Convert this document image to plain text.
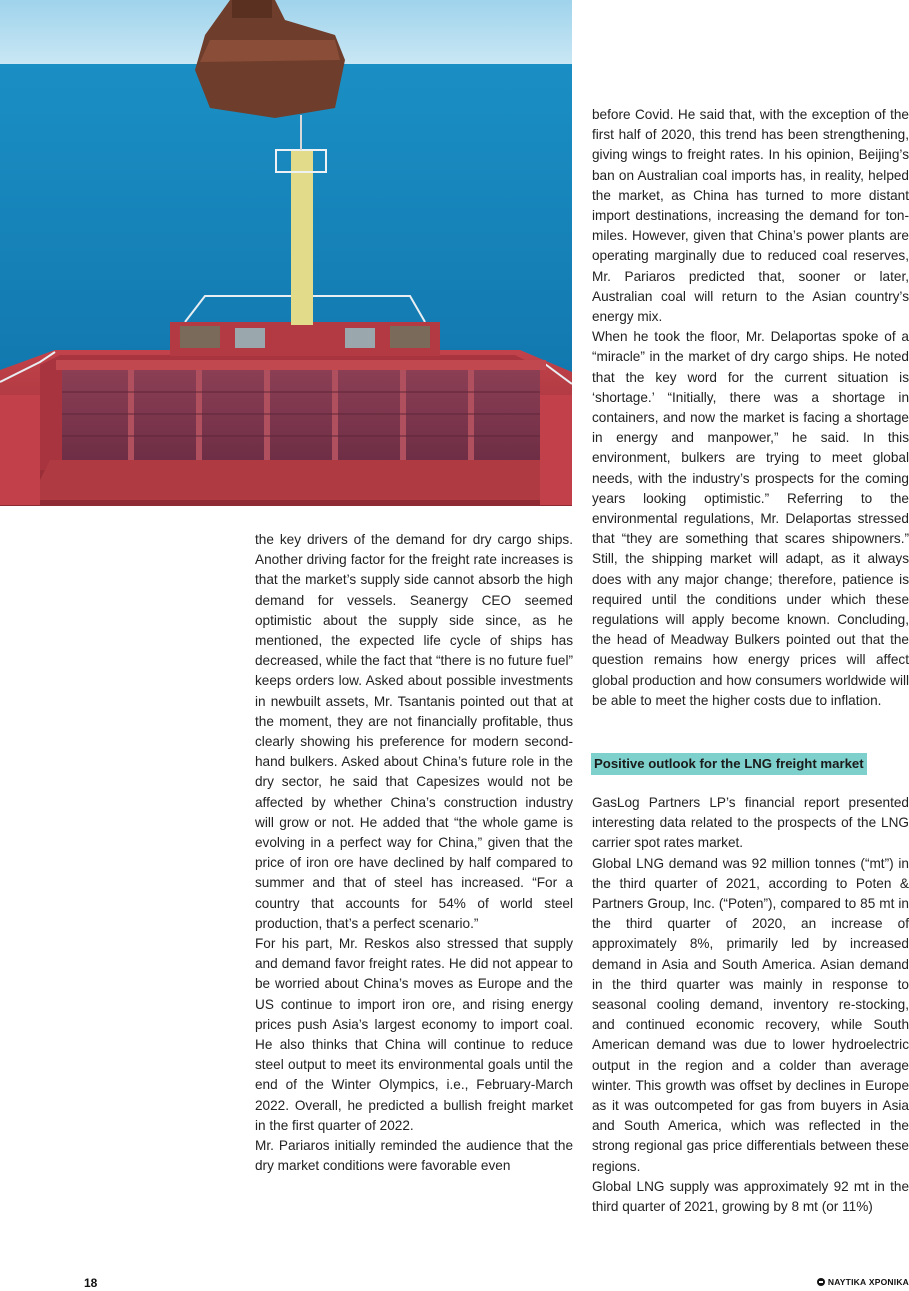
the key drivers of the demand for dry cargo ships. Another driving factor for the freight rate increases is that the market’s supply side cannot absorb the high demand for vessels. Seanergy CEO seemed optimistic about the supply side since, as he mentioned, the expected life cycle of ships has decreased, while the fact that “there is no future fuel” keeps orders low. Asked about possible investments in newbuilt assets, Mr. Tsantanis pointed out that at the moment, they are not financially profitable, thus clearly showing his preference for modern second-hand bulkers. Asked about China’s future role in the dry sector, he said that Capesizes would not be affected by whether China’s construction industry will grow or not. He added that “the whole game is evolving in a perfect way for China,” given that the price of iron ore have declined by half compared to summer and that of steel has increased. “For a country that accounts for 54% of world steel production, that’s a perfect scenario.”

For his part, Mr. Reskos also stressed that supply and demand favor freight rates. He did not appear to be worried about China’s moves as Europe and the US continue to import iron ore, and rising energy prices push Asia’s largest economy to import coal. He also thinks that China will continue to reduce steel output to meet its environmental goals until the end of the Winter Olympics, i.e., February-March 2022. Overall, he predicted a bullish freight market in the first quarter of 2022.

Mr. Pariaros initially reminded the audience that the dry market conditions were favorable even

before Covid. He said that, with the exception of the first half of 2020, this trend has been strengthening, giving wings to freight rates. In his opinion, Beijing’s ban on Australian coal imports has, in reality, helped the market, as China has turned to more distant import destinations, increasing the demand for ton-miles. However, given that China’s power plants are operating marginally due to reduced coal reserves, Mr. Pariaros predicted that, sooner or later, Australian coal will return to the Asian country’s energy mix.

When he took the floor, Mr. Delaportas spoke of a “miracle” in the market of dry cargo ships. He noted that the key word for the current situation is ‘shortage.’ “Initially, there was a shortage in containers, and now the market is facing a shortage in energy and manpower,” he said. In this environment, bulkers are trying to meet global needs, with the industry’s prospects for the coming years looking optimistic.” Referring to the environmental regulations, Mr. Delaportas stressed that “they are something that scares shipowners.” Still, the shipping market will adapt, as it always does with any major change; therefore, patience is required until the conditions under which these regulations will apply become known. Concluding, the head of Meadway Bulkers pointed out that the question remains how energy prices will affect global production and how consumers worldwide will be able to meet the higher costs due to inflation.

Positive outlook for the LNG freight market

GasLog Partners LP’s financial report presented interesting data related to the prospects of the LNG carrier spot rates market.

Global LNG demand was 92 million tonnes (“mt”) in the third quarter of 2021, according to Poten & Partners Group, Inc. (“Poten”), compared to 85 mt in the third quarter of 2020, an increase of approximately 8%, primarily led by increased demand in Asia and South America. Asian demand in the third quarter was mainly in response to seasonal cooling demand, inventory re-stocking, and continued economic recovery, while South American demand was due to lower hydroelectric output in the region and a colder than average winter. This growth was offset by declines in Europe as it was outcompeted for gas from buyers in Asia and South America, which was reflected in the strong regional gas price differentials between these regions.

Global LNG supply was approximately 92 mt in the third quarter of 2021, growing by 8 mt (or 11%)

18	ΝΑΥΤΙΚΑ ΧΡΟΝΙΚΑ
